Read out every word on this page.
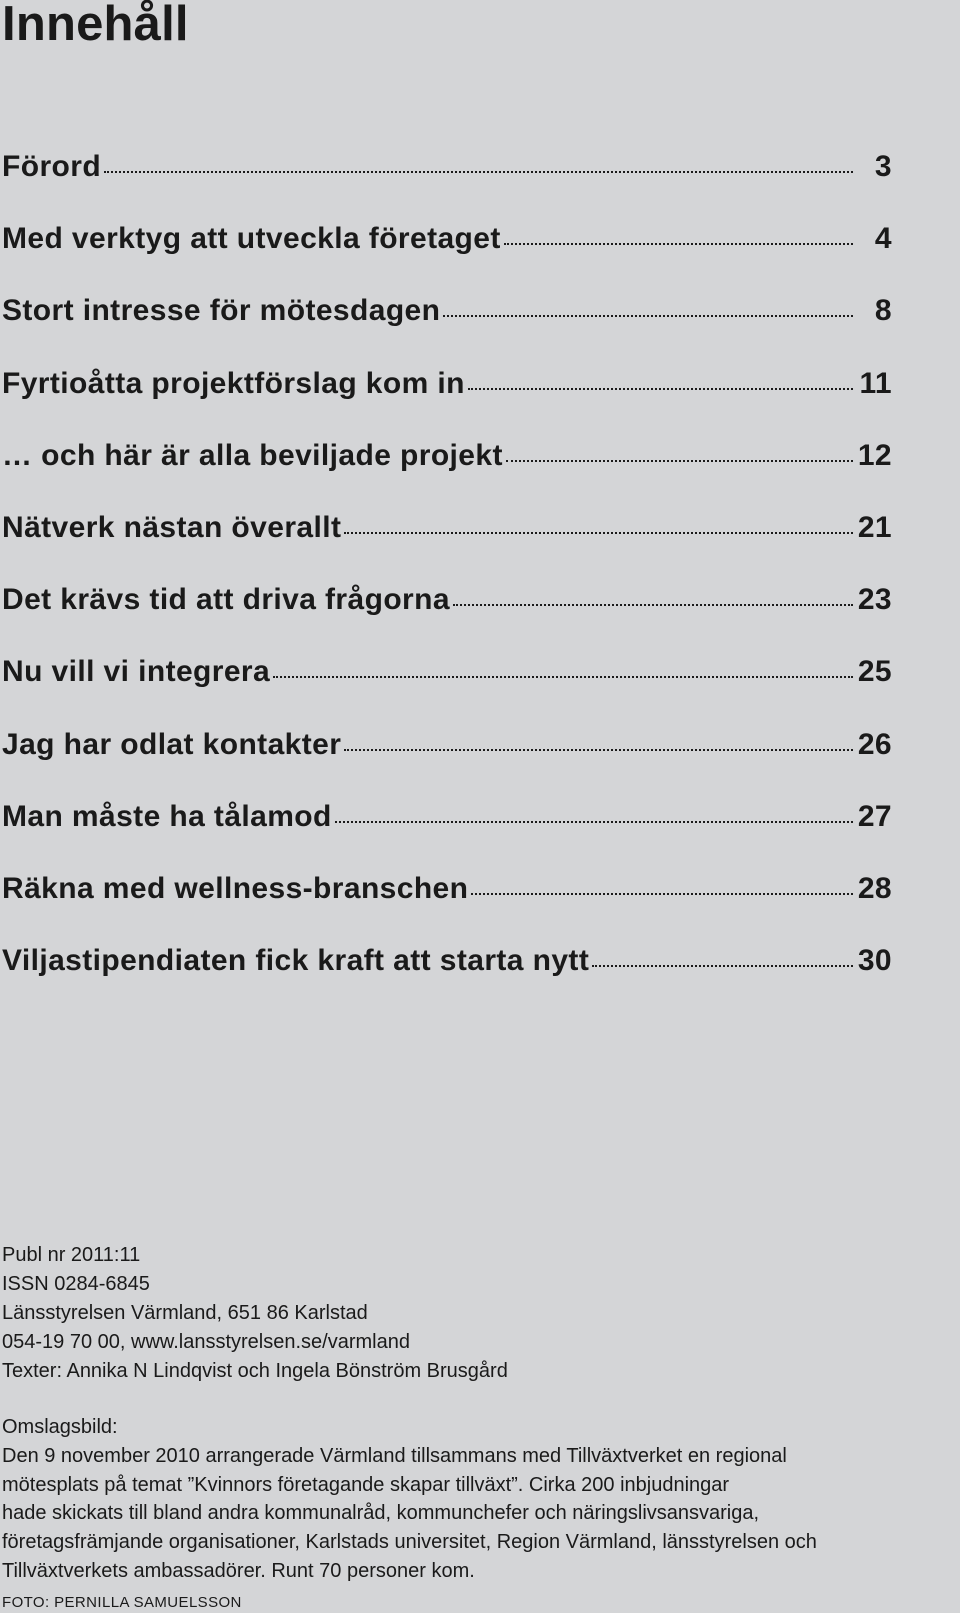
Innehåll
Förord	3
Med verktyg att utveckla företaget	4
Stort intresse för mötesdagen	8
Fyrtioåtta projektförslag kom in	11
… och här är alla beviljade projekt	12
Nätverk nästan överallt	21
Det krävs tid att driva frågorna	23
Nu vill vi integrera	25
Jag har odlat kontakter	26
Man måste ha tålamod	27
Räkna med wellness-branschen	28
Viljastipendiaten fick kraft att starta nytt	30

Publ nr 2011:11

ISSN 0284-6845

Länsstyrelsen Värmland, 651 86 Karlstad

054-19 70 00, www.lansstyrelsen.se/varmland

Texter: Annika N Lindqvist och Ingela Bönström Brusgård

Omslagsbild:

Den 9 november 2010 arrangerade Värmland tillsammans med Tillväxtverket en regional

mötesplats på temat ”Kvinnors företagande skapar tillväxt”. Cirka 200 inbjudningar

hade skickats till bland andra kommunalråd, kommunchefer och näringslivsansvariga,

företagsfrämjande organisationer, Karlstads universitet, Region Värmland, länsstyrelsen och

Tillväxtverkets ambassadörer. Runt 70 personer kom.

FOTO: PERNILLA SAMUELSSON
